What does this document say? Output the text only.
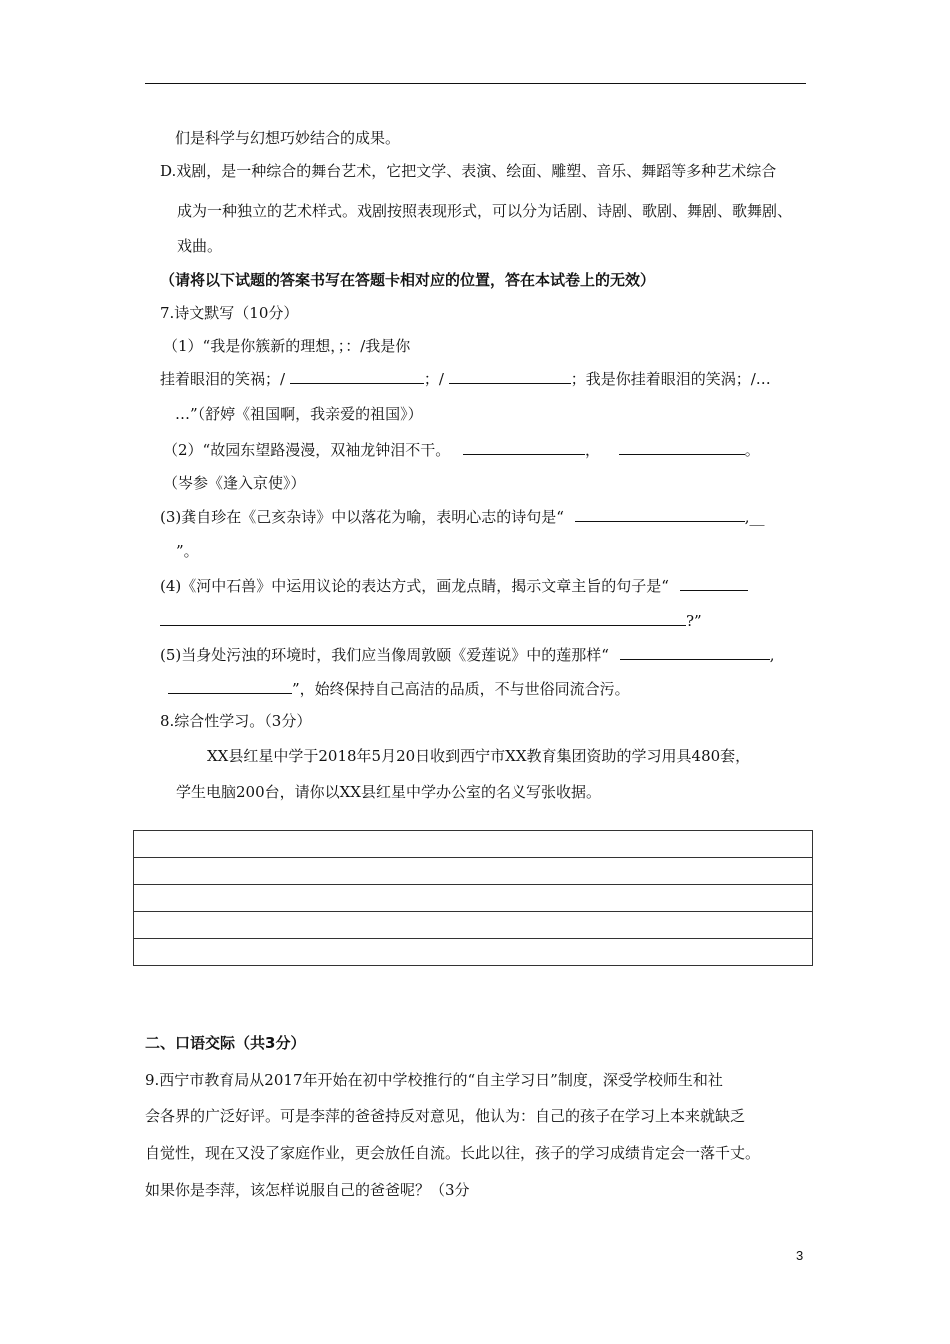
们是科学与幻想巧妙结合的成果。
D.戏剧，是一种综合的舞台艺术，它把文学、表演、绘面、雕塑、音乐、舞蹈等多种艺术综合
成为一种独立的艺术样式。戏剧按照表现形式，可以分为话剧、诗剧、歌剧、舞剧、歌舞剧、
戏曲。
（请将以下试题的答案书写在答题卡相对应的位置，答在本试卷上的无效）
7.诗文默写（10分）
（1）“我是你簇新的理想，；：/我是你
挂着眼泪的笑祸；/	；/	；我是你挂着眼泪的笑涡；/…
…”（舒婷《祖国啊，我亲爱的祖国》）
（2）“故园东望路漫漫，双袖龙钟泪不干。	，	。
（岑参《逢入京使》）
(3)龚自珍在《己亥杂诗》中以落花为喻，表明心志的诗句是“	,__
”。
(4)《河中石兽》中运用议论的表达方式，画龙点睛，揭示文章主旨的句子是“
?”
(5)当身处污浊的环境时，我们应当像周敦颐《爱莲说》中的莲那样“	,
”，始终保持自己高洁的品质，不与世俗同流合污。
8.综合性学习。（3分）
XX县红星中学于2018年5月20日收到西宁市XX教育集团资助的学习用具480套，
学生电脑200台，请你以XX县红星中学办公室的名义写张收据。
二、口语交际（共3分）
9.西宁市教育局从2017年开始在初中学校推行的“自主学习日”制度，深受学校师生和社
会各界的广泛好评。可是李萍的爸爸持反对意见，他认为：自己的孩子在学习上本来就缺乏
自觉性，现在又没了家庭作业，更会放任自流。长此以往，孩子的学习成绩肯定会一落千丈。
如果你是李萍，该怎样说服自己的爸爸呢？（3分
3
